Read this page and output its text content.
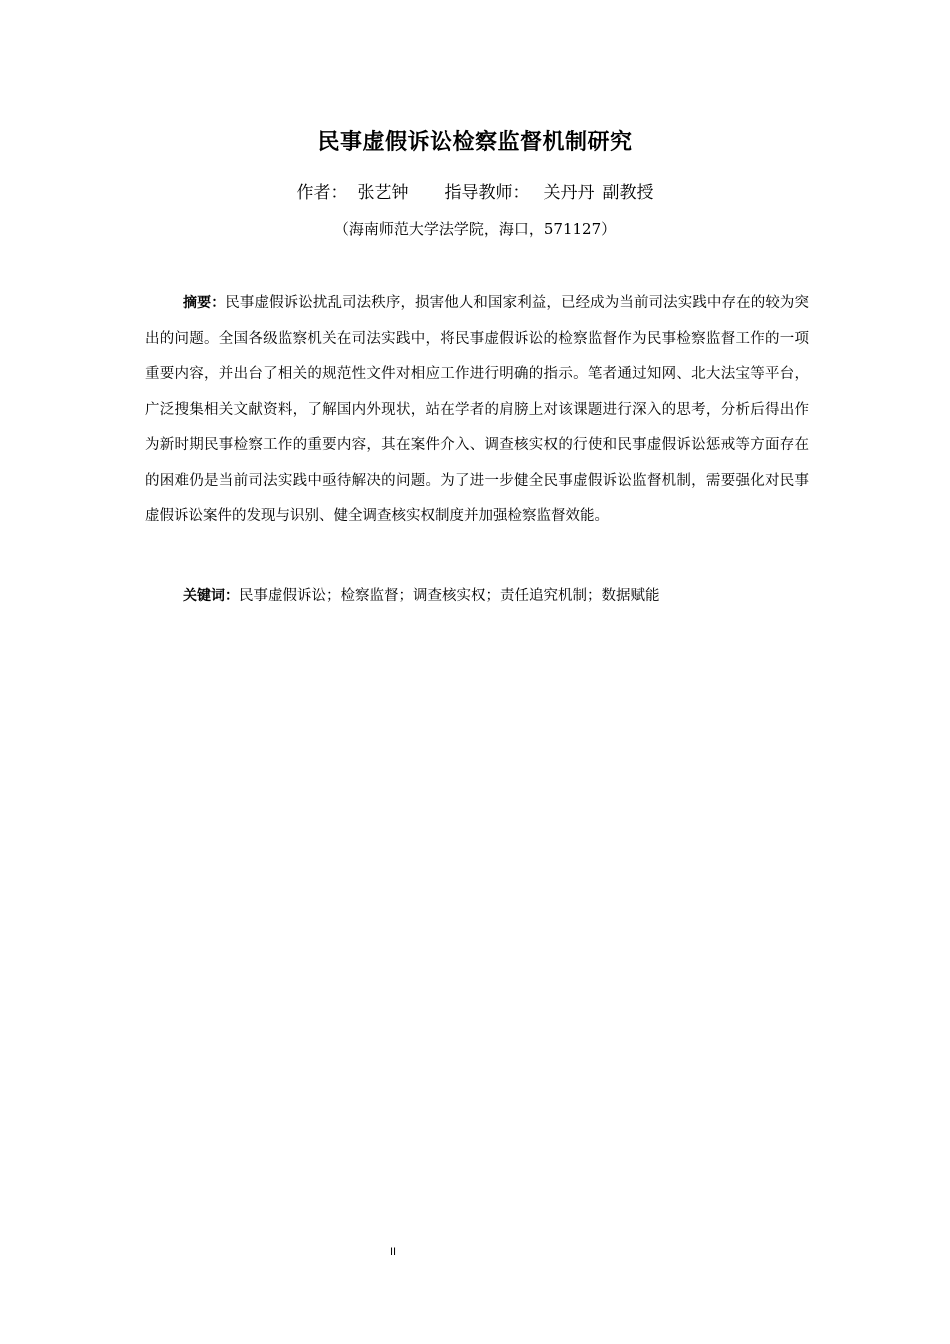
民事虚假诉讼检察监督机制研究
作者： 张艺钟 指导教师： 关丹丹 副教授
（海南师范大学法学院，海口，571127）

摘要：民事虚假诉讼扰乱司法秩序，损害他人和国家利益，已经成为当前司法实践中存在的较为突出的问题。全国各级监察机关在司法实践中，将民事虚假诉讼的检察监督作为民事检察监督工作的一项重要内容，并出台了相关的规范性文件对相应工作进行明确的指示。笔者通过知网、北大法宝等平台，广泛搜集相关文献资料，了解国内外现状，站在学者的肩膀上对该课题进行深入的思考，分析后得出作为新时期民事检察工作的重要内容，其在案件介入、调查核实权的行使和民事虚假诉讼惩戒等方面存在的困难仍是当前司法实践中亟待解决的问题。为了进一步健全民事虚假诉讼监督机制，需要强化对民事虚假诉讼案件的发现与识别、健全调查核实权制度并加强检察监督效能。

关键词：民事虚假诉讼；检察监督；调查核实权；责任追究机制；数据赋能

II
